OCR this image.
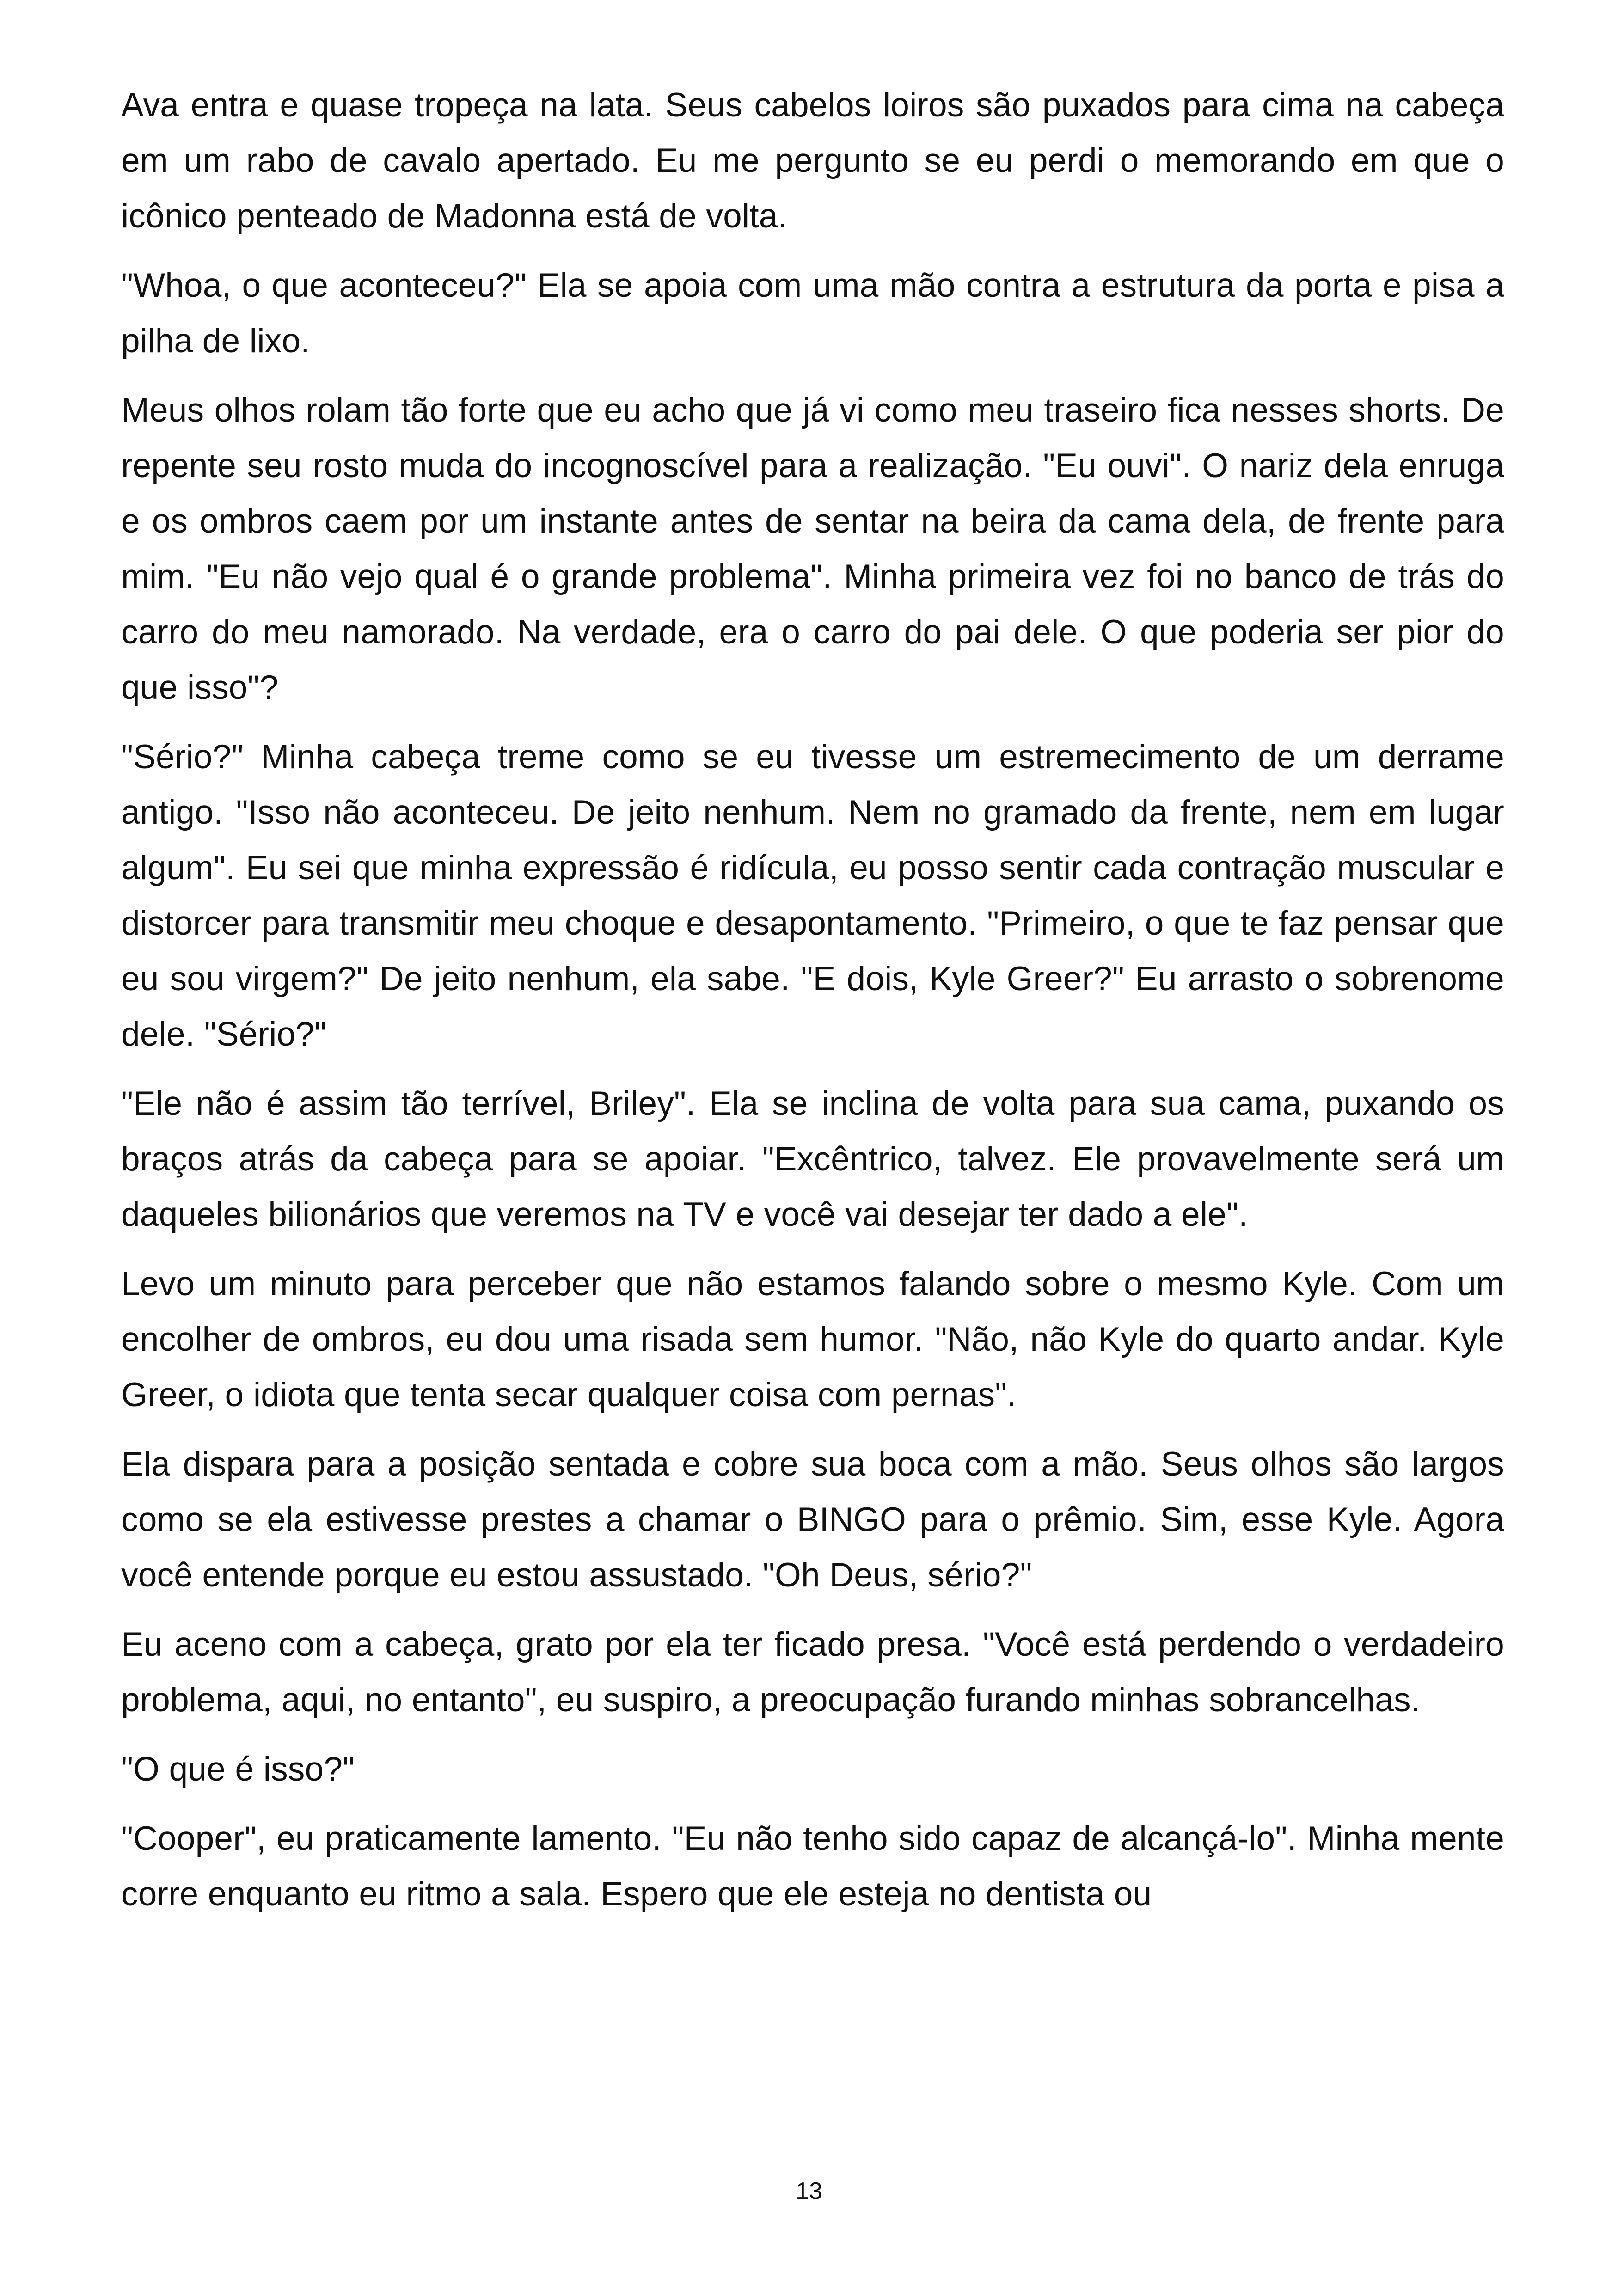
Ava entra e quase tropeça na lata. Seus cabelos loiros são puxados para cima na cabeça em um rabo de cavalo apertado. Eu me pergunto se eu perdi o memorando em que o icônico penteado de Madonna está de volta.

"Whoa, o que aconteceu?" Ela se apoia com uma mão contra a estrutura da porta e pisa a pilha de lixo.

Meus olhos rolam tão forte que eu acho que já vi como meu traseiro fica nesses shorts. De repente seu rosto muda do incognoscível para a realização. "Eu ouvi". O nariz dela enruga e os ombros caem por um instante antes de sentar na beira da cama dela, de frente para mim. "Eu não vejo qual é o grande problema". Minha primeira vez foi no banco de trás do carro do meu namorado. Na verdade, era o carro do pai dele. O que poderia ser pior do que isso"?

"Sério?" Minha cabeça treme como se eu tivesse um estremecimento de um derrame antigo. "Isso não aconteceu. De jeito nenhum. Nem no gramado da frente, nem em lugar algum". Eu sei que minha expressão é ridícula, eu posso sentir cada contração muscular e distorcer para transmitir meu choque e desapontamento. "Primeiro, o que te faz pensar que eu sou virgem?" De jeito nenhum, ela sabe. "E dois, Kyle Greer?" Eu arrasto o sobrenome dele. "Sério?"

"Ele não é assim tão terrível, Briley". Ela se inclina de volta para sua cama, puxando os braços atrás da cabeça para se apoiar. "Excêntrico, talvez. Ele provavelmente será um daqueles bilionários que veremos na TV e você vai desejar ter dado a ele".

Levo um minuto para perceber que não estamos falando sobre o mesmo Kyle. Com um encolher de ombros, eu dou uma risada sem humor. "Não, não Kyle do quarto andar. Kyle Greer, o idiota que tenta secar qualquer coisa com pernas".

Ela dispara para a posição sentada e cobre sua boca com a mão. Seus olhos são largos como se ela estivesse prestes a chamar o BINGO para o prêmio. Sim, esse Kyle. Agora você entende porque eu estou assustado. "Oh Deus, sério?"

Eu aceno com a cabeça, grato por ela ter ficado presa. "Você está perdendo o verdadeiro problema, aqui, no entanto", eu suspiro, a preocupação furando minhas sobrancelhas.

"O que é isso?"

"Cooper", eu praticamente lamento. "Eu não tenho sido capaz de alcançá-lo". Minha mente corre enquanto eu ritmo a sala. Espero que ele esteja no dentista ou

13
